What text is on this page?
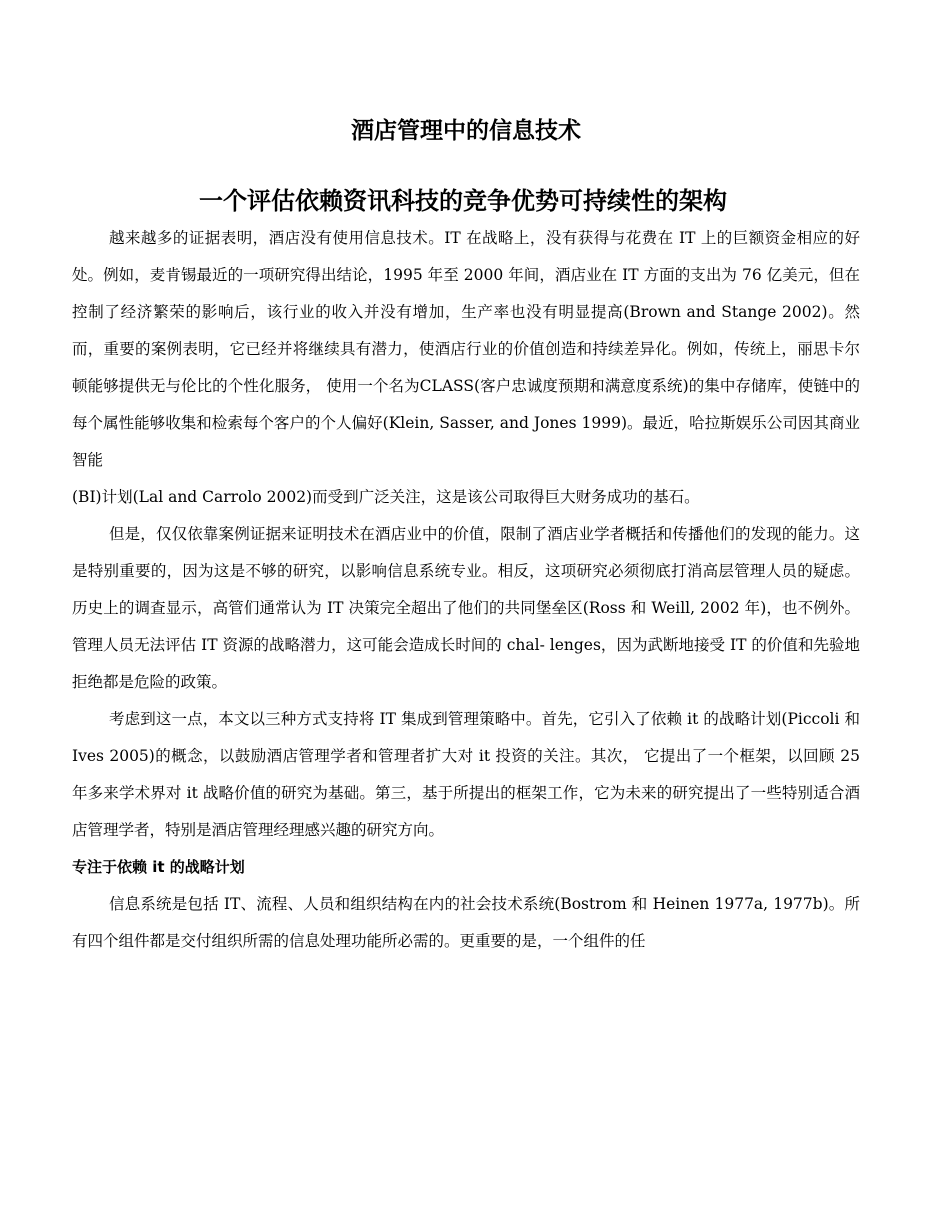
酒店管理中的信息技术
一个评估依赖资讯科技的竞争优势可持续性的架构

越来越多的证据表明，酒店没有使用信息技术。IT 在战略上，没有获得与花费在 IT 上的巨额资金相应的好处。例如，麦肯锡最近的一项研究得出结论，1995 年至 2000 年间，酒店业在 IT 方面的支出为 76 亿美元，但在控制了经济繁荣的影响后，该行业的收入并没有增加，生产率也没有明显提高(Brown and Stange 2002)。然而，重要的案例表明，它已经并将继续具有潜力，使酒店行业的价值创造和持续差异化。例如，传统上，丽思卡尔顿能够提供无与伦比的个性化服务， 使用一个名为CLASS(客户忠诚度预期和满意度系统)的集中存储库，使链中的每个属性能够收集和检索每个客户的个人偏好(Klein, Sasser, and Jones 1999)。最近，哈拉斯娱乐公司因其商业智能

(BI)计划(Lal and Carrolo 2002)而受到广泛关注，这是该公司取得巨大财务成功的基石。

但是，仅仅依靠案例证据来证明技术在酒店业中的价值，限制了酒店业学者概括和传播他们的发现的能力。这是特别重要的，因为这是不够的研究，以影响信息系统专业。相反，这项研究必须彻底打消高层管理人员的疑虑。历史上的调查显示，高管们通常认为 IT 决策完全超出了他们的共同堡垒区(Ross 和 Weill, 2002 年)，也不例外。管理人员无法评估 IT 资源的战略潜力，这可能会造成长时间的 chal- lenges，因为武断地接受 IT 的价值和先验地拒绝都是危险的政策。

考虑到这一点，本文以三种方式支持将 IT 集成到管理策略中。首先，它引入了依赖 it 的战略计划(Piccoli 和Ives 2005)的概念，以鼓励酒店管理学者和管理者扩大对 it 投资的关注。其次， 它提出了一个框架，以回顾 25 年多来学术界对 it 战略价值的研究为基础。第三，基于所提出的框架工作，它为未来的研究提出了一些特别适合酒店管理学者，特别是酒店管理经理感兴趣的研究方向。

专注于依赖 it 的战略计划

信息系统是包括 IT、流程、人员和组织结构在内的社会技术系统(Bostrom 和 Heinen 1977a, 1977b)。所有四个组件都是交付组织所需的信息处理功能所必需的。更重要的是，一个组件的任
